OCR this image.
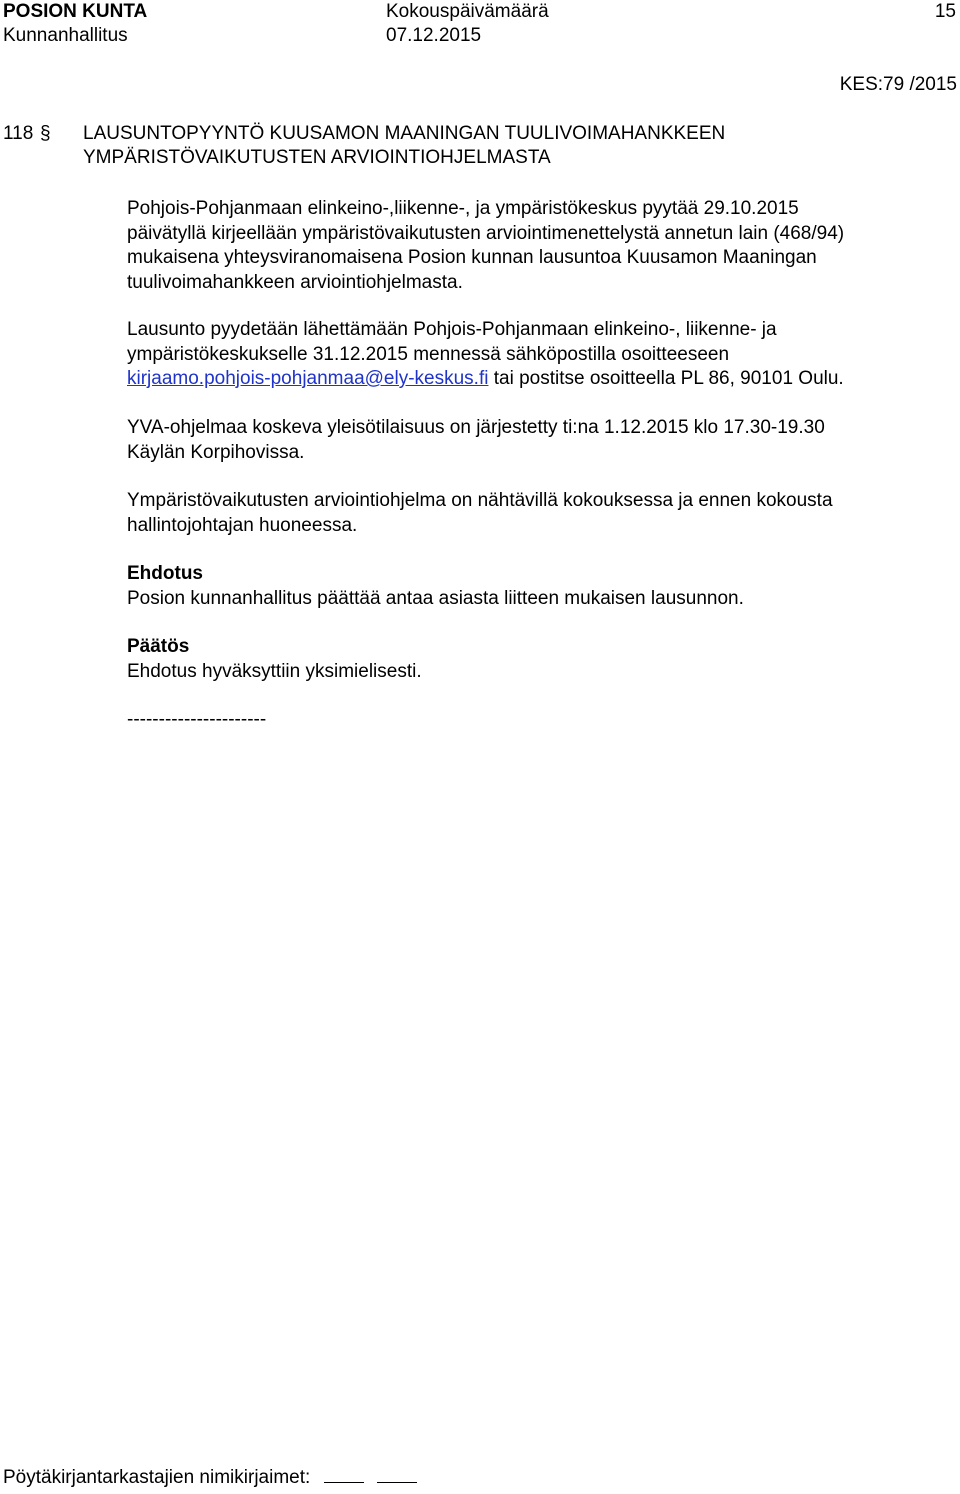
POSION KUNTA
Kunnanhallitus
Kokouspäivämäärä
07.12.2015
15
KES:79 /2015
118 § LAUSUNTOPYYNTÖ KUUSAMON MAANINGAN TUULIVOIMAHANKKEEN
YMPÄRISTÖVAIKUTUSTEN ARVIOINTIOHJELMASTA
Pohjois-Pohjanmaan elinkeino-,liikenne-, ja ympäristökeskus pyytää 29.10.2015
päivätyllä kirjeellään ympäristövaikutusten arviointimenettelystä annetun lain (468/94)
mukaisena yhteysviranomaisena Posion kunnan lausuntoa Kuusamon Maaningan
tuulivoimahankkeen arviointiohjelmasta.
Lausunto pyydetään lähettämään Pohjois-Pohjanmaan elinkeino-, liikenne- ja
ympäristökeskukselle 31.12.2015 mennessä sähköpostilla osoitteeseen
kirjaamo.pohjois-pohjanmaa@ely-keskus.fi tai postitse osoitteella PL 86, 90101 Oulu.
YVA-ohjelmaa koskeva yleisötilaisuus on järjestetty ti:na 1.12.2015 klo 17.30-19.30
Käylän Korpihovissa.
Ympäristövaikutusten arviointiohjelma on nähtävillä kokouksessa ja ennen kokousta
hallintojohtajan huoneessa.
Ehdotus
Posion kunnanhallitus päättää antaa asiasta liitteen mukaisen lausunnon.
Päätös
Ehdotus hyväksyttiin yksimielisesti.
----------------------
Pöytäkirjantarkastajien nimikirjaimet:
